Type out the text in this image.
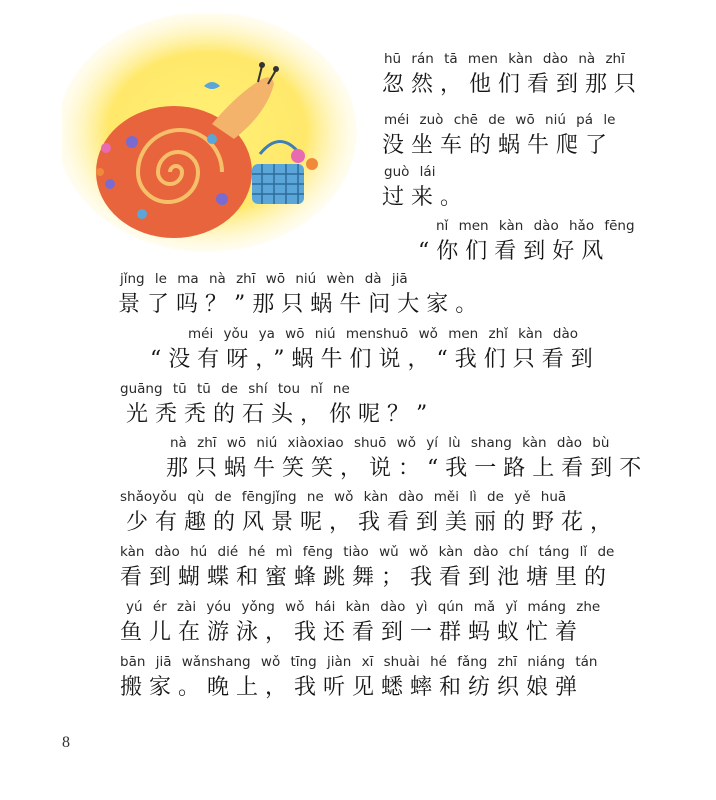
hū rán tā men kàn dào nà zhī
忽然，他们看到那只
méi zuò chē de wō niú pá le
没坐车的蜗牛爬了
guò lái
过来。
nǐ men kàn dào hǎo fēng
“你们看到好风
jǐng le ma nà zhī wō niú wèn dà jiā
景了吗？”那只蜗牛问大家。
méi yǒu ya wō niú menshuō wǒ men zhǐ kàn dào
“没有呀，”蜗牛们说，“我们只看到
guāng tū tū de shí tou nǐ ne
光秃秃的石头，你呢？”
nà zhī wō niú xiàoxiao shuō wǒ yí lù shang kàn dào bù
那只蜗牛笑笑，说：“我一路上看到不
shǎoyǒu qù de fēngjǐng ne wǒ kàn dào měi lì de yě huā
少有趣的风景呢，我看到美丽的野花，
kàn dào hú dié hé mì fēng tiào wǔ wǒ kàn dào chí táng lǐ de
看到蝴蝶和蜜蜂跳舞；我看到池塘里的
yú ér zài yóu yǒng wǒ hái kàn dào yì qún mǎ yǐ máng zhe
鱼儿在游泳，我还看到一群蚂蚁忙着
bān jiā wǎnshang wǒ tīng jiàn xī shuài hé fǎng zhī niáng tán
搬家。晚上，我听见蟋蟀和纺织娘弹
8
